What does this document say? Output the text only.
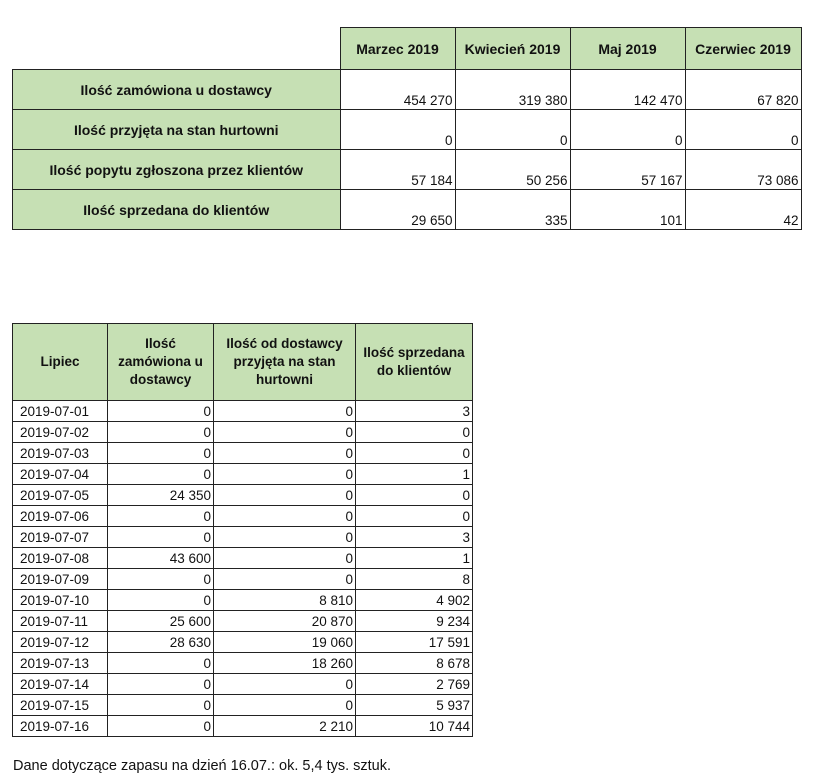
	Marzec 2019	Kwiecień 2019	Maj 2019	Czerwiec 2019
Ilość zamówiona u dostawcy	454 270	319 380	142 470	67 820
Ilość przyjęta na stan hurtowni	0	0	0	0
Ilość popytu zgłoszona przez klientów	57 184	50 256	57 167	73 086
Ilość sprzedana do klientów	29 650	335	101	42
Lipiec	Ilość zamówiona u dostawcy	Ilość od dostawcy przyjęta na stan hurtowni	Ilość sprzedana do klientów
2019-07-01	0	0	3
2019-07-02	0	0	0
2019-07-03	0	0	0
2019-07-04	0	0	1
2019-07-05	24 350	0	0
2019-07-06	0	0	0
2019-07-07	0	0	3
2019-07-08	43 600	0	1
2019-07-09	0	0	8
2019-07-10	0	8 810	4 902
2019-07-11	25 600	20 870	9 234
2019-07-12	28 630	19 060	17 591
2019-07-13	0	18 260	8 678
2019-07-14	0	0	2 769
2019-07-15	0	0	5 937
2019-07-16	0	2 210	10 744
Dane dotyczące zapasu na dzień 16.07.: ok. 5,4 tys. sztuk.
